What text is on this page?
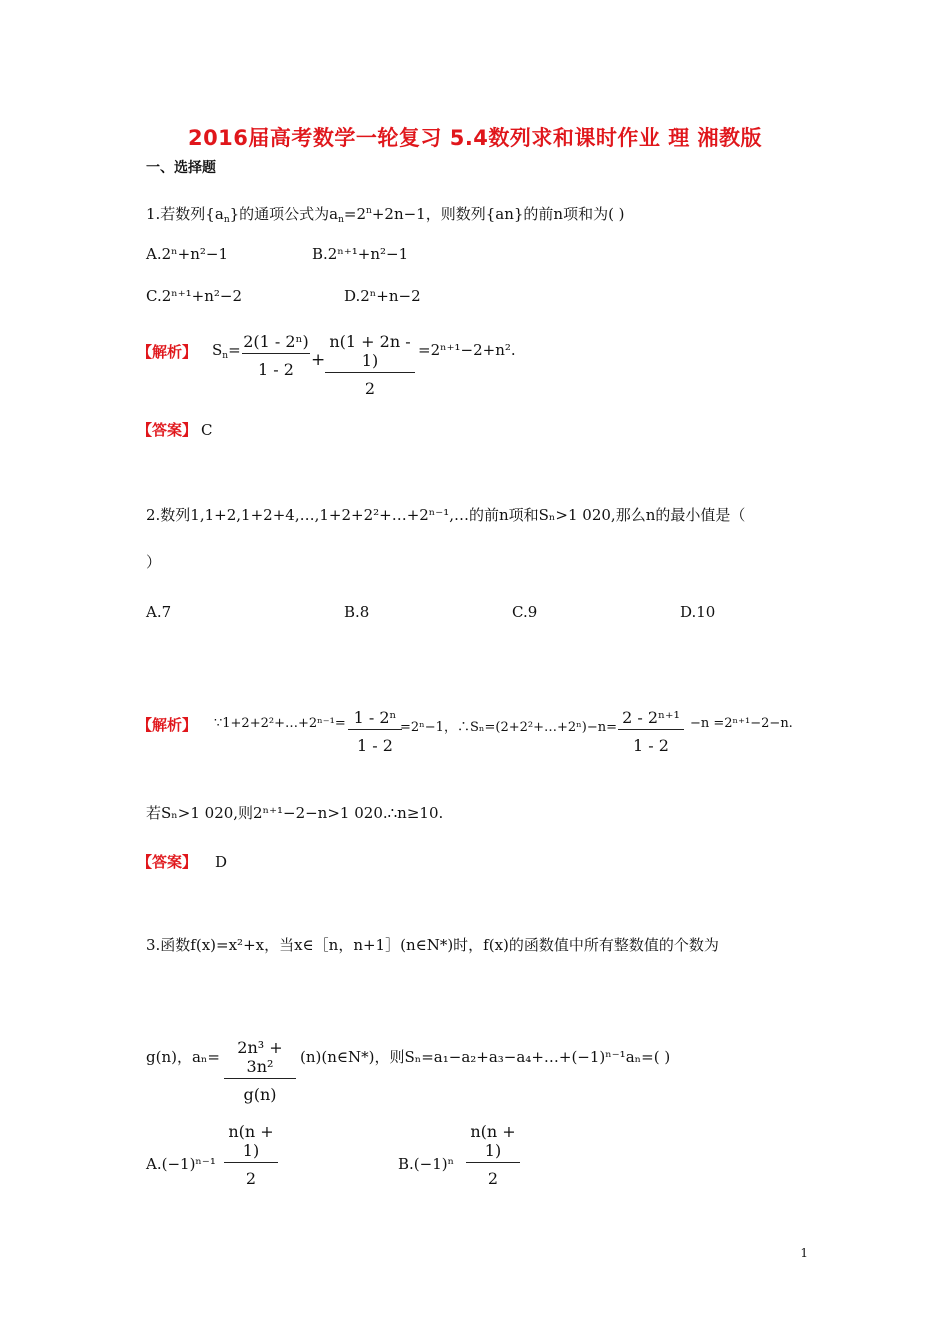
2016届高考数学一轮复习 5.4数列求和课时作业 理 湘教版
一、选择题
1.若数列$\{a_n\}$的通项公式为$a_n=2^n+2n-1$，则数列{an}的前n项和为( )
A.2ⁿ+n²−1	B.2ⁿ⁺¹+n²−1
C.2ⁿ⁺¹+n²−2	D.2ⁿ+n−2
【解析】 $S_n= 2(1 - 2^n)$
1 - 2	+
n(1 + 2n - 1)
2
=2ⁿ⁺¹−2+n².
【答案】 C
2.数列1,1+2,1+2+4,…,1+2+2²+…+2ⁿ⁻¹,…的前n项和Sₙ>1 020,那么n的最小值是（
）
A.7	B.8	C.9	D.10
【解析】 ∵1+2+2²+…+2ⁿ⁻¹= 1 - 2ⁿ
1 - 2
=2ⁿ−1，∴Sₙ=(2+2²+…+2ⁿ)−n=
2 - 2ⁿ⁺¹
1 - 2
−n =2ⁿ⁺¹−2−n.
若Sₙ>1 020,则2ⁿ⁺¹−2−n>1 020.∴n≥10.
【答案】 D
3.函数f(x)=x²+x，当x∈［n，n+1］(n∈N*)时，f(x)的函数值中所有整数值的个数为
g(n)，aₙ=	2n³ + 3n²
g(n)
(n)(n∈N*)，则Sₙ=a₁−a₂+a₃−a₄+…+(−1)ⁿ⁻¹aₙ=( )
A.(−1)ⁿ⁻¹
n(n + 1)
2
B.(−1)ⁿ
n(n + 1)
2
1
